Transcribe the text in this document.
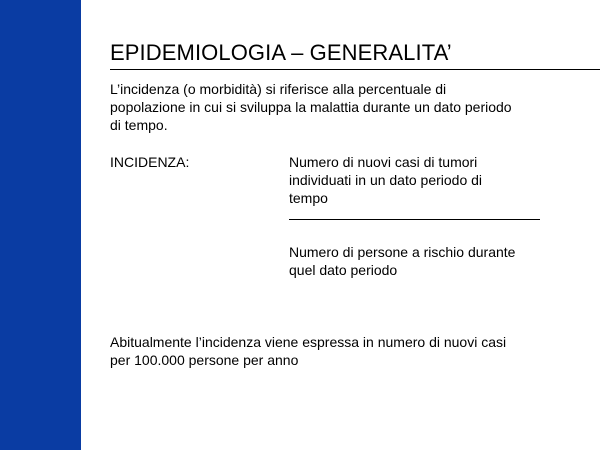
EPIDEMIOLOGIA – GENERALITA’
L’incidenza (o morbidità) si riferisce alla percentuale di
popolazione in cui si sviluppa la malattia durante un dato periodo
di tempo.
INCIDENZA:	Numero di nuovi casi di tumori
individuati in un dato periodo di
tempo
Numero di persone a rischio durante
quel dato periodo
Abitualmente l’incidenza viene espressa in numero di nuovi casi
per 100.000 persone per anno
